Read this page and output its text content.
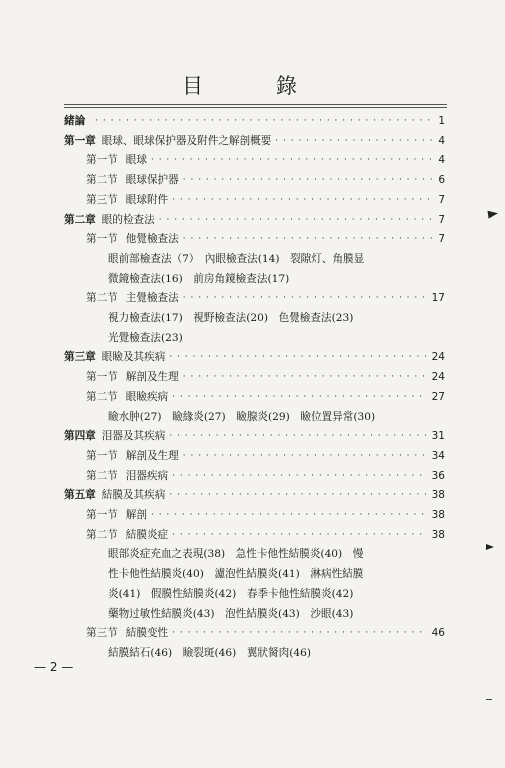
目　錄
緒論 · · ·	1
第一章 眼球、眼球保护器及附件之解剖概要 · · ·	4
第一节 眼球 · · ·	4
第二节 眼球保护器 · · ·	6
第三节 眼球附件 · · ·	7
第二章 眼的检查法 · · ·	7
第一节 他覺檢查法 · · ·	7
眼前部檢查法（7）　內眼檢查法(14)　裂隙灯、角膜显
微鏡檢查法(16)　前房角鏡檢查法(17)
第二节 主覺檢查法 · · ·	17
視力檢查法(17)　視野檢查法(20)　色覺檢查法(23)
光覺檢查法(23)
第三章 眼瞼及其疾病 · · ·	24
第一节 解剖及生理 · · ·	24
第二节 眼瞼疾病 · · ·	27
瞼水肿(27)　瞼緣炎(27)　瞼腺炎(29)　瞼位置异常(30)
第四章 泪器及其疾病 · · ·	31
第一节 解剖及生理 · · ·	34
第二节 泪器疾病 · · ·	36
第五章 結膜及其疾病 · · ·	38
第一节 解剖 · · ·	38
第二节 結膜炎症 · · ·	38
眼部炎症充血之表現(38)　急性卡他性結膜炎(40)　慢
性卡他性結膜炎(40)　濾泡性結膜炎(41)　淋病性結膜
炎(41)　假膜性結膜炎(42)　春季卡他性結膜炎(42)
藥物过敏性結膜炎(43)　泡性結膜炎(43)　沙眼(43)
第三节 結膜变性 · · ·	46
結膜結石(46)　瞼裂斑(46)　翼狀胬肉(46)
— 2 —
